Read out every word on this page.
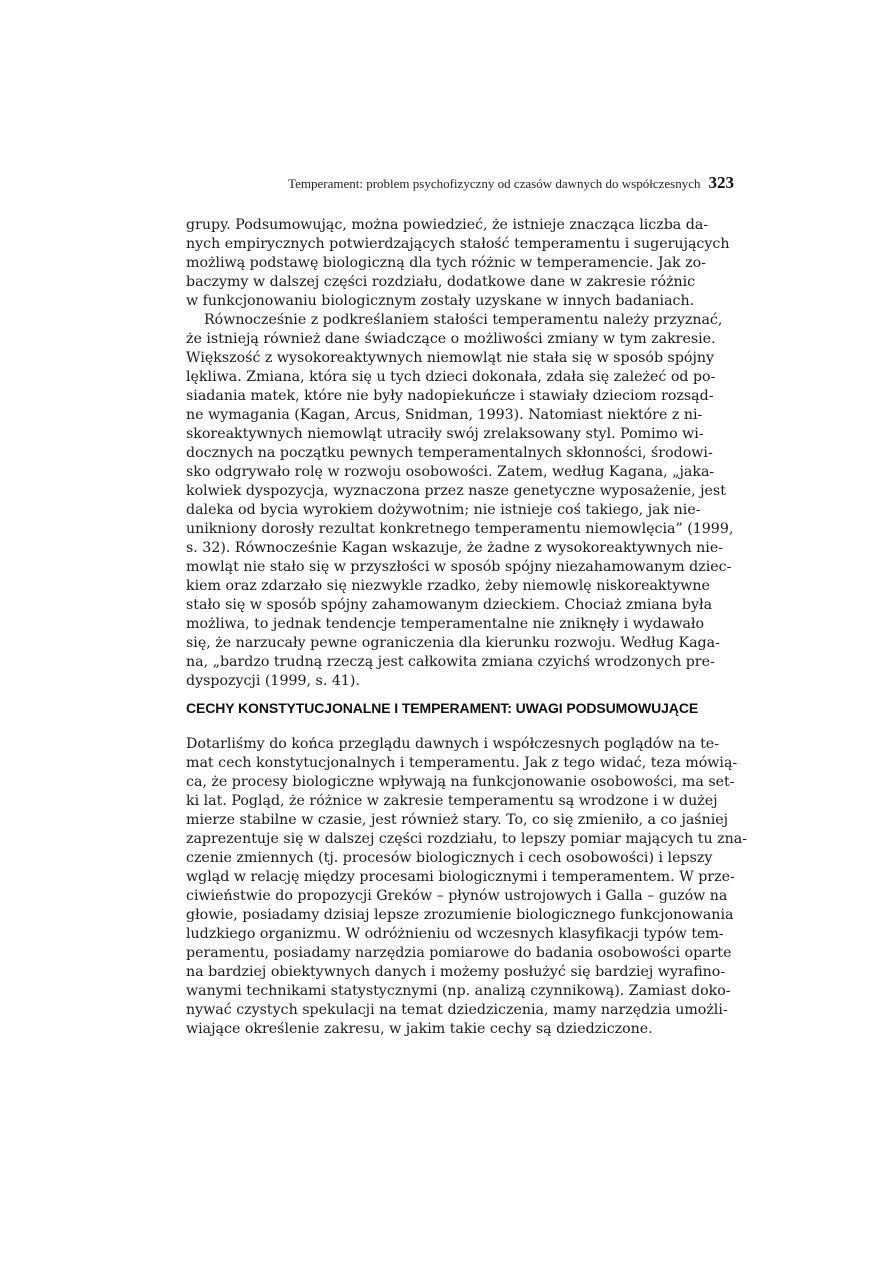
Temperament: problem psychofizyczny od czasów dawnych do współczesnych 323
grupy. Podsumowując, można powiedzieć, że istnieje znacząca liczba da-
nych empirycznych potwierdzających stałość temperamentu i sugerujących
możliwą podstawę biologiczną dla tych różnic w temperamencie. Jak zo-
baczymy w dalszej części rozdziału, dodatkowe dane w zakresie różnic
w funkcjonowaniu biologicznym zostały uzyskane w innych badaniach.
Równocześnie z podkreślaniem stałości temperamentu należy przyznać,
że istnieją również dane świadczące o możliwości zmiany w tym zakresie.
Większość z wysokoreaktywnych niemowląt nie stała się w sposób spójny
lękliwa. Zmiana, która się u tych dzieci dokonała, zdała się zależeć od po-
siadania matek, które nie były nadopiekuńcze i stawiały dzieciom rozsąd-
ne wymagania (Kagan, Arcus, Snidman, 1993). Natomiast niektóre z ni-
skoreaktywnych niemowląt utraciły swój zrelaksowany styl. Pomimo wi-
docznych na początku pewnych temperamentalnych skłonności, środowi-
sko odgrywało rolę w rozwoju osobowości. Zatem, według Kagana, „jaka-
kolwiek dyspozycja, wyznaczona przez nasze genetyczne wyposażenie, jest
daleka od bycia wyrokiem dożywotnim; nie istnieje coś takiego, jak nie-
unikniony dorosły rezultat konkretnego temperamentu niemowlęcia” (1999,
s. 32). Równocześnie Kagan wskazuje, że żadne z wysokoreaktywnych nie-
mowląt nie stało się w przyszłości w sposób spójny niezahamowanym dziec-
kiem oraz zdarzało się niezwykle rzadko, żeby niemowlę niskoreaktywne
stało się w sposób spójny zahamowanym dzieckiem. Chociaż zmiana była
możliwa, to jednak tendencje temperamentalne nie zniknęły i wydawało
się, że narzucały pewne ograniczenia dla kierunku rozwoju. Według Kaga-
na, „bardzo trudną rzeczą jest całkowita zmiana czyichś wrodzonych pre-
dyspozycji (1999, s. 41).
CECHY KONSTYTUCJONALNE I TEMPERAMENT: UWAGI PODSUMOWUJĄCE
Dotarliśmy do końca przeglądu dawnych i współczesnych poglądów na te-
mat cech konstytucjonalnych i temperamentu. Jak z tego widać, teza mówią-
ca, że procesy biologiczne wpływają na funkcjonowanie osobowości, ma set-
ki lat. Pogląd, że różnice w zakresie temperamentu są wrodzone i w dużej
mierze stabilne w czasie, jest również stary. To, co się zmieniło, a co jaśniej
zaprezentuje się w dalszej części rozdziału, to lepszy pomiar mających tu zna-
czenie zmiennych (tj. procesów biologicznych i cech osobowości) i lepszy
wgląd w relację między procesami biologicznymi i temperamentem. W prze-
ciwieństwie do propozycji Greków – płynów ustrojowych i Galla – guzów na
głowie, posiadamy dzisiaj lepsze zrozumienie biologicznego funkcjonowania
ludzkiego organizmu. W odróżnieniu od wczesnych klasyfikacji typów tem-
peramentu, posiadamy narzędzia pomiarowe do badania osobowości oparte
na bardziej obiektywnych danych i możemy posłużyć się bardziej wyrafino-
wanymi technikami statystycznymi (np. analizą czynnikową). Zamiast doko-
nywać czystych spekulacji na temat dziedziczenia, mamy narzędzia umożli-
wiające określenie zakresu, w jakim takie cechy są dziedziczone.
